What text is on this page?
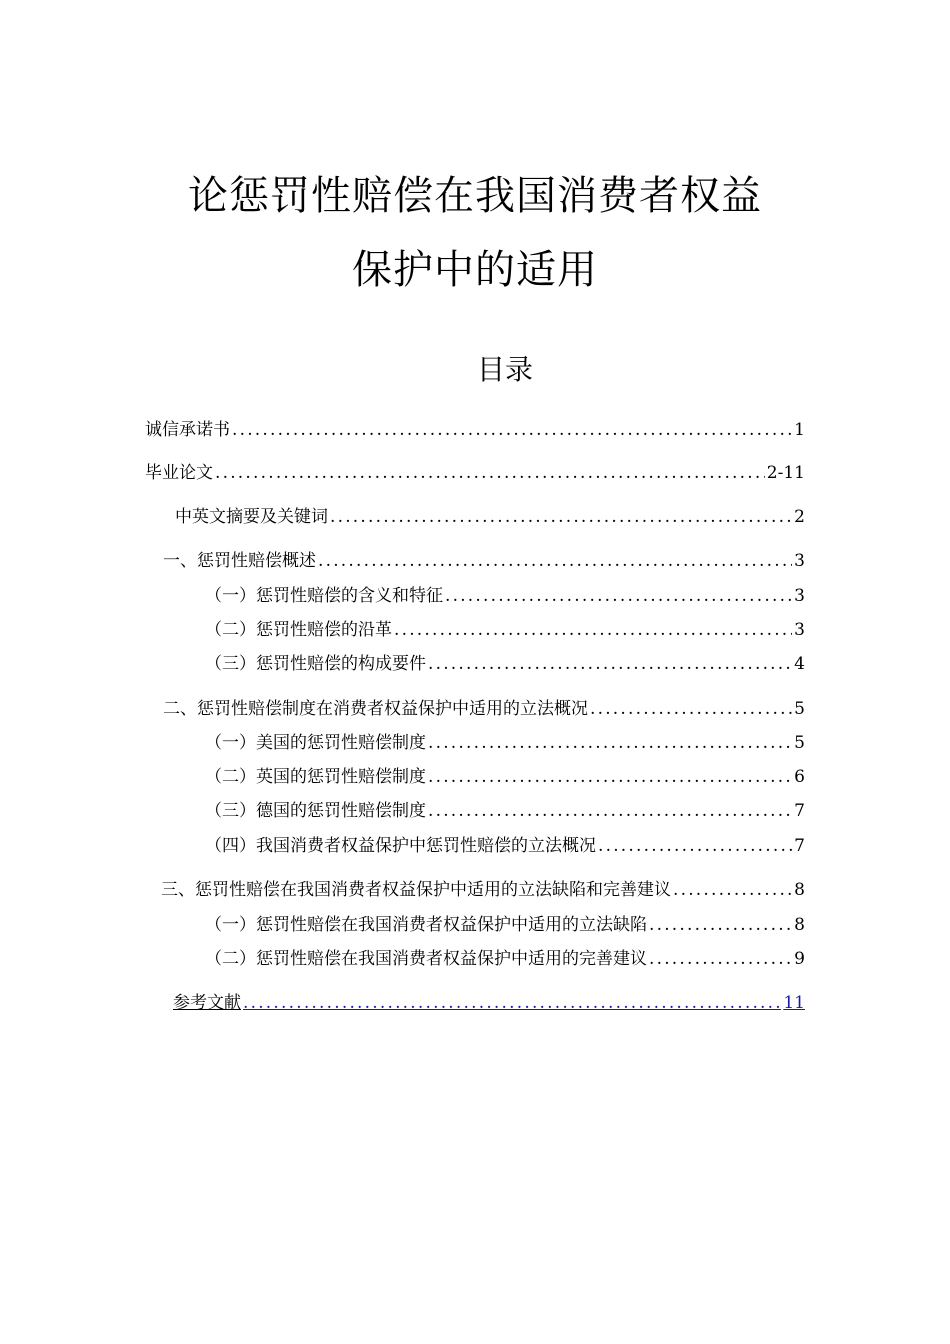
论惩罚性赔偿在我国消费者权益
保护中的适用
目录
诚信承诺书 .....	1
毕业论文 .....	2-11
中英文摘要及关键词 .....	2
一、惩罚性赔偿概述 .....	3
（一）惩罚性赔偿的含义和特征 .....	3
（二）惩罚性赔偿的沿革 .....	3
（三）惩罚性赔偿的构成要件 .....	4
二、惩罚性赔偿制度在消费者权益保护中适用的立法概况 .....	5
（一）美国的惩罚性赔偿制度 .....	5
（二）英国的惩罚性赔偿制度 .....	6
（三）德国的惩罚性赔偿制度 .....	7
（四）我国消费者权益保护中惩罚性赔偿的立法概况 .....	7
三、惩罚性赔偿在我国消费者权益保护中适用的立法缺陷和完善建议 .....	8
（一）惩罚性赔偿在我国消费者权益保护中适用的立法缺陷 .....	8
（二）惩罚性赔偿在我国消费者权益保护中适用的完善建议 .....	9
参考文献 .....	11
